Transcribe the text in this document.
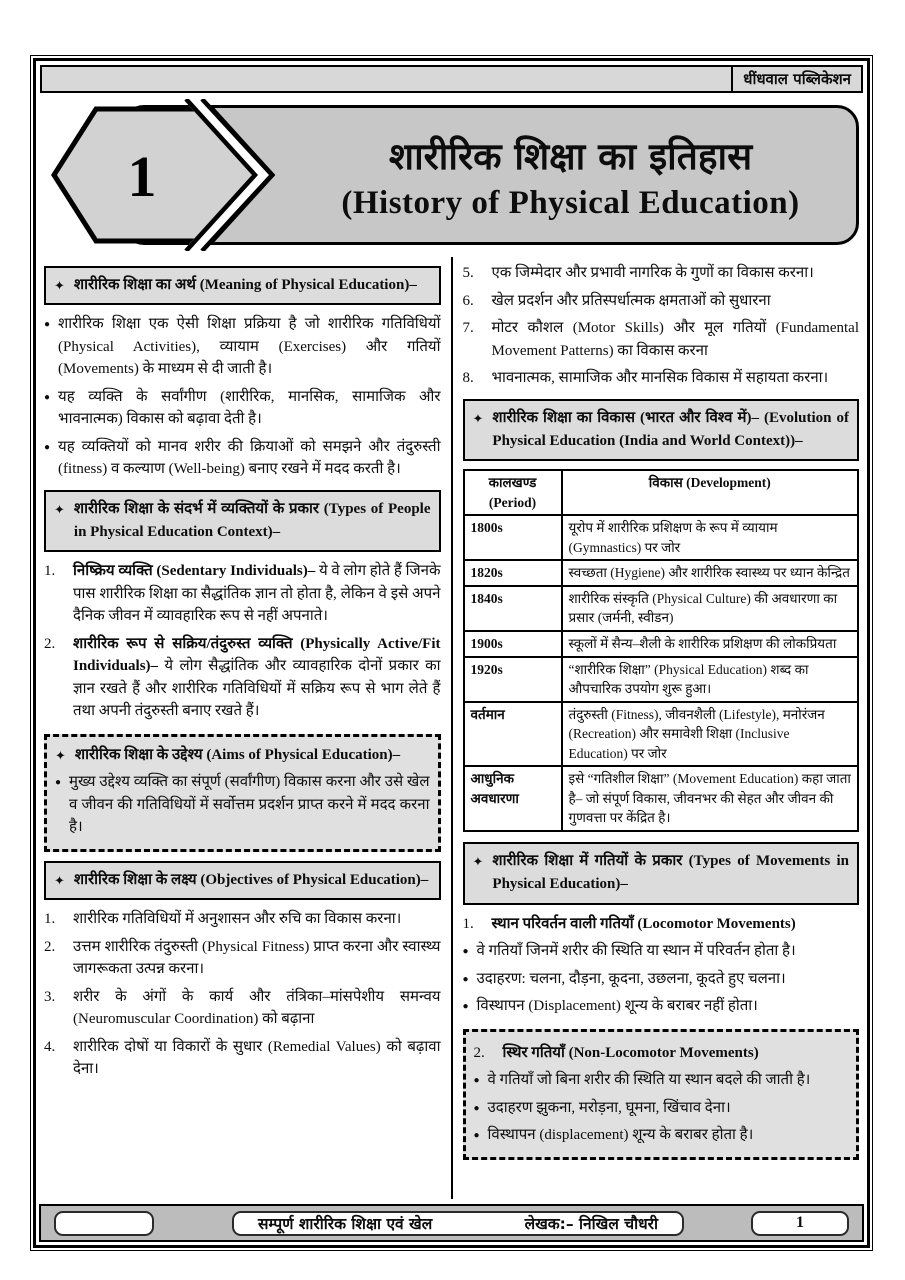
धींधवाल पब्लिकेशन
शारीरिक शिक्षा का इतिहास
(History of Physical Education)
1
✦ शारीरिक शिक्षा का अर्थ (Meaning of Physical Education)–
● शारीरिक शिक्षा एक ऐसी शिक्षा प्रक्रिया है जो शारीरिक गतिविधियों (Physical Activities), व्यायाम (Exercises) और गतियों (Movements) के माध्यम से दी जाती है।
● यह व्यक्ति के सर्वांगीण (शारीरिक, मानसिक, सामाजिक और भावनात्मक) विकास को बढ़ावा देती है।
● यह व्यक्तियों को मानव शरीर की क्रियाओं को समझने और तंदुरुस्ती (fitness) व कल्याण (Well-being) बनाए रखने में मदद करती है।
✦ शारीरिक शिक्षा के संदर्भ में व्यक्तियों के प्रकार (Types of People in Physical Education Context)–
1.	निष्क्रिय व्यक्ति (Sedentary Individuals)– ये वे लोग होते हैं जिनके पास शारीरिक शिक्षा का सैद्धांतिक ज्ञान तो होता है, लेकिन वे इसे अपने दैनिक जीवन में व्यावहारिक रूप से नहीं अपनाते।
2.	शारीरिक रूप से सक्रिय/तंदुरुस्त व्यक्ति (Physically Active/Fit Individuals)– ये लोग सैद्धांतिक और व्यावहारिक दोनों प्रकार का ज्ञान रखते हैं और शारीरिक गतिविधियों में सक्रिय रूप से भाग लेते हैं तथा अपनी तंदुरुस्ती बनाए रखते हैं।
✦ शारीरिक शिक्षा के उद्देश्य (Aims of Physical Education)–
● मुख्य उद्देश्य व्यक्ति का संपूर्ण (सर्वांगीण) विकास करना और उसे खेल व जीवन की गतिविधियों में सर्वोत्तम प्रदर्शन प्राप्त करने में मदद करना है।
✦ शारीरिक शिक्षा के लक्ष्य (Objectives of Physical Education)–
1.	शारीरिक गतिविधियों में अनुशासन और रुचि का विकास करना।
2.	उत्तम शारीरिक तंदुरुस्ती (Physical Fitness) प्राप्त करना और स्वास्थ्य जागरूकता उत्पन्न करना।
3.	शरीर के अंगों के कार्य और तंत्रिका–मांसपेशीय समन्वय (Neuromuscular Coordination) को बढ़ाना
4.	शारीरिक दोषों या विकारों के सुधार (Remedial Values) को बढ़ावा देना।
5.	एक जिम्मेदार और प्रभावी नागरिक के गुणों का विकास करना।
6.	खेल प्रदर्शन और प्रतिस्पर्धात्मक क्षमताओं को सुधारना
7.	मोटर कौशल (Motor Skills) और मूल गतियों (Fundamental Movement Patterns) का विकास करना
8.	भावनात्मक, सामाजिक और मानसिक विकास में सहायता करना।
✦ शारीरिक शिक्षा का विकास (भारत और विश्व में)– (Evolution of Physical Education (India and World Context))–
कालखण्ड (Period)	विकास (Development)
1800s	यूरोप में शारीरिक प्रशिक्षण के रूप में व्यायाम (Gymnastics) पर जोर
1820s	स्वच्छता (Hygiene) और शारीरिक स्वास्थ्य पर ध्यान केन्द्रित
1840s	शारीरिक संस्कृति (Physical Culture) की अवधारणा का प्रसार (जर्मनी, स्वीडन)
1900s	स्कूलों में सैन्य–शैली के शारीरिक प्रशिक्षण की लोकप्रियता
1920s	“शारीरिक शिक्षा” (Physical Education) शब्द का औपचारिक उपयोग शुरू हुआ।
वर्तमान	तंदुरुस्ती (Fitness), जीवनशैली (Lifestyle), मनोरंजन (Recreation) और समावेशी शिक्षा (Inclusive Education) पर जोर
आधुनिक अवधारणा	इसे “गतिशील शिक्षा” (Movement Education) कहा जाता है– जो संपूर्ण विकास, जीवनभर की सेहत और जीवन की गुणवत्ता पर केंद्रित है।
✦ शारीरिक शिक्षा में गतियों के प्रकार (Types of Movements in Physical Education)–
1.	स्थान परिवर्तन वाली गतियाँ (Locomotor Movements)
● वे गतियाँ जिनमें शरीर की स्थिति या स्थान में परिवर्तन होता है।
● उदाहरण: चलना, दौड़ना, कूदना, उछलना, कूदते हुए चलना।
● विस्थापन (Displacement) शून्य के बराबर नहीं होता।
2.	स्थिर गतियाँ (Non-Locomotor Movements)
● वे गतियाँ जो बिना शरीर की स्थिति या स्थान बदले की जाती है।
● उदाहरण झुकना, मरोड़ना, घूमना, खिंचाव देना।
● विस्थापन (displacement) शून्य के बराबर होता है।
सम्पूर्ण शारीरिक शिक्षा एवं खेल	लेखक:– निखिल चौधरी	1
